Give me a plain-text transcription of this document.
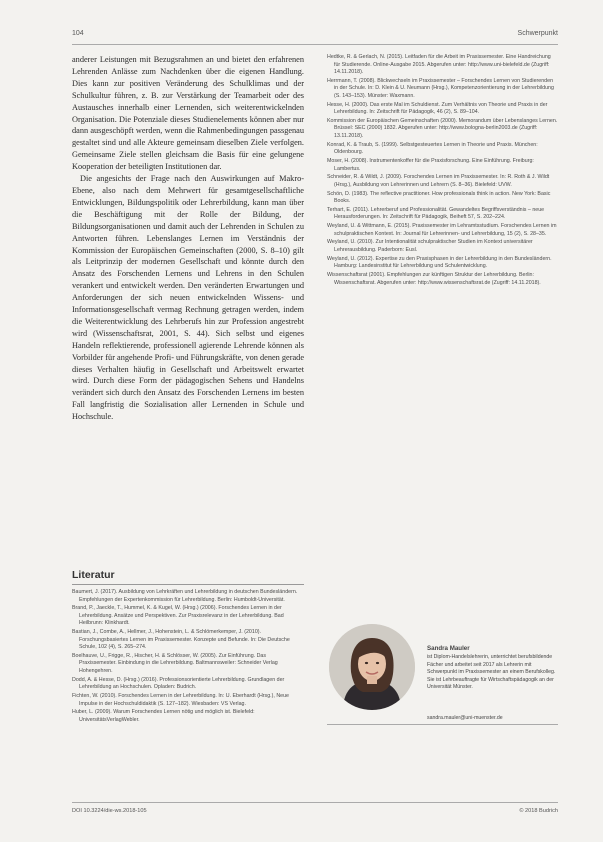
104	Schwerpunkt

anderer Leistungen mit Bezugsrahmen an und bietet den erfahrenen Lehrenden Anlässe zum Nachdenken über die eigenen Handlung. Dies kann zur positiven Veränderung des Schulklimas und der Schulkultur führen, z. B. zur Verstärkung der Teamarbeit oder des Austausches innerhalb einer Lernenden, sich weiterentwickelnden Organisation. Die Potenziale dieses Studienelements können aber nur dann ausgeschöpft werden, wenn die Rahmenbedingungen passgenau gestaltet sind und alle Akteure gemeinsam dieselben Ziele verfolgen. Gemeinsame Ziele stellen gleichsam die Basis für eine gelungene Kooperation der beteiligten Institutionen dar.

Die angesichts der Frage nach den Auswirkungen auf Makro-Ebene, also nach dem Mehrwert für gesamtgesellschaftliche Entwicklungen, Bildungspolitik oder Lehrerbildung, kann man über die Beschäftigung mit der Rolle der Bildung, der Bildungsorganisationen und damit auch der Lehrenden in Schulen zu Antworten führen. Lebenslanges Lernen im Verständnis der Kommission der Europäischen Gemeinschaften (2000, S. 8–10) gilt als Leitprinzip der modernen Gesellschaft und könnte durch den Ansatz des Forschenden Lernens und Lehrens in den Schulen verankert und entwickelt werden. Den veränderten Erwartungen und Anforderungen der sich neuen entwickelnden Wissens- und Informationsgesellschaft vermag Rechnung getragen werden, indem die Weiterentwicklung des Lehrberufs hin zur Profession angestrebt wird (Wissenschaftsrat, 2001, S. 44). Sich selbst und eigenes Handeln reflektierende, professionell agierende Lehrende können als Vorbilder für angehende Profi- und Führungskräfte, von denen gerade dieses Verhalten häufig in Gesellschaft und Arbeitswelt erwartet wird. Durch diese Form der pädagogischen Sehens und Handelns verändert sich durch den Ansatz des Forschenden Lernens im besten Fall langfristig die Sozialisation aller Lernenden in Schule und Hochschule.

Literatur

Baumert, J. (2017). Ausbildung von Lehrkräften und Lehrerbildung in deutschen Bundesländern. Empfehlungen der Expertenkommission für Lehrerbildung. Berlin: Humboldt-Universität.

Brand, P., Jaeckle, T., Hummel, K. & Kugel, W. (Hrsg.) (2006). Forschendes Lernen in der Lehrerbildung. Ansätze und Perspektiven. Zur Praxisrelevanz in der Lehrerbildung. Bad Heilbrunn: Klinkhardt.

Bastian, J., Combe, A., Hellmer, J., Hohenstein, L. & Schlömerkemper, J. (2010). Forschungsbasiertes Lernen im Praxissemester. Konzepte und Befunde. In: Die Deutsche Schule, 102 (4), S. 265–274.

Boelhauve, U., Frigge, R., Hischer, H. & Schlösser, W. (2005). Zur Einführung. Das Praxissemester. Einbindung in die Lehrerbildung. Baltmannsweiler: Schneider Verlag Hohengehren.

Dodd, A. & Hesse, D. (Hrsg.) (2016). Professionsorientierte Lehrerbildung. Grundlagen der Lehrerbildung an Hochschulen. Opladen: Budrich.

Fichten, W. (2010). Forschendes Lernen in der Lehrerbildung. In: U. Eberhardt (Hrsg.), Neue Impulse in der Hochschuldidaktik (S. 127–182). Wiesbaden: VS Verlag.

Huber, L. (2009). Warum Forschendes Lernen nötig und möglich ist. Bielefeld: UniversitätsVerlagWebler.

Hedtke, R. & Gerlach, N. (2015). Leitfaden für die Arbeit im Praxissemester. Eine Handreichung für Studierende. Online-Ausgabe 2015. Abgerufen unter: http://www.uni-bielefeld.de (Zugriff: 14.11.2018).

Herrmann, T. (2008). Blickwechseln im Praxissemester – Forschendes Lernen von Studierenden in der Schule. In: D. Klein & U. Neumann (Hrsg.), Kompetenzorientierung in der Lehrerbildung (S. 143–153). Münster: Waxmann.

Hesse, H. (2000). Das erste Mal im Schuldienst. Zum Verhältnis von Theorie und Praxis in der Lehrerbildung. In: Zeitschrift für Pädagogik, 46 (2), S. 89–104.

Kommission der Europäischen Gemeinschaften (2000). Memorandum über Lebenslanges Lernen. Brüssel: SEC (2000) 1832. Abgerufen unter: http://www.bologna-berlin2003.de (Zugriff: 13.11.2018).

Konrad, K. & Traub, S. (1999). Selbstgesteuertes Lernen in Theorie und Praxis. München: Oldenbourg.

Moser, H. (2008). Instrumentenkoffer für die Praxisforschung. Eine Einführung. Freiburg: Lambertus.

Schneider, R. & Wildt, J. (2009). Forschendes Lernen im Praxissemester. In: R. Roth & J. Wildt (Hrsg.), Ausbildung von Lehrerinnen und Lehrern (S. 8–36). Bielefeld: UVW.

Schön, D. (1983). The reflective practitioner. How professionals think in action. New York: Basic Books.

Terhart, E. (2011). Lehrerberuf und Professionalität. Gewandeltes Begriffsverständnis – neue Herausforderungen. In: Zeitschrift für Pädagogik, Beiheft 57, S. 202–224.

Weyland, U. & Wittmann, E. (2015). Praxissemester im Lehramtsstudium. Forschendes Lernen im schulpraktischen Kontext. In: Journal für Lehrerinnen- und Lehrerbildung, 15 (2), S. 28–35.

Weyland, U. (2010). Zur Intentionalität schulpraktischer Studien im Kontext universitärer Lehrerausbildung. Paderborn: Eusl.

Weyland, U. (2012). Expertise zu den Praxisphasen in der Lehrerbildung in den Bundesländern. Hamburg: Landesinstitut für Lehrerbildung und Schulentwicklung.

Wissenschaftsrat (2001). Empfehlungen zur künftigen Struktur der Lehrerbildung. Berlin: Wissenschaftsrat. Abgerufen unter: http://www.wissenschaftsrat.de (Zugriff: 14.11.2018).

Sandra Mauler
ist Diplom-Handelslehrerin, unterrichtet berufsbildende Fächer und arbeitet seit 2017 als Lehrerin mit Schwerpunkt im Praxissemester an einem Berufskolleg. Sie ist Lehrbeauftragte für Wirtschaftspädagogik an der Universität Münster.
sandra.mauler@uni-muenster.de
DOI 10.3224/die-ws.2018-105	© 2018 Budrich
